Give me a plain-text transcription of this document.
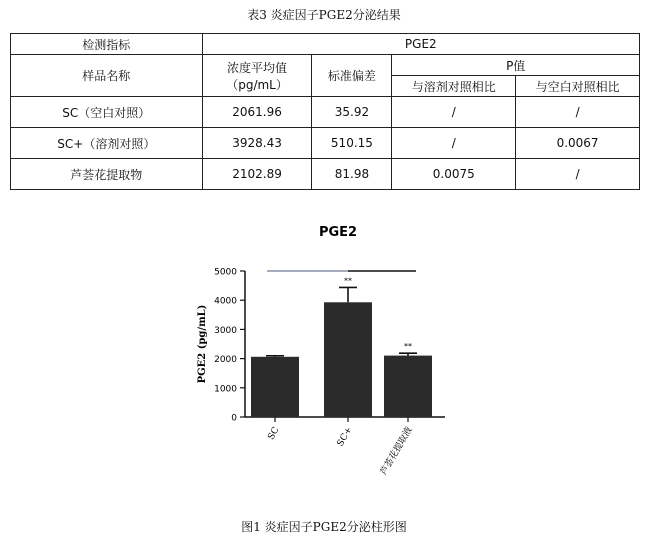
表3 炎症因子PGE2分泌结果
检测指标	PGE2			
样品名称	浓度平均值（pg/mL）	标准偏差	P值	
			与溶剂对照相比	与空白对照相比
SC（空白对照）	2061.96	35.92	/	/
SC+（溶剂对照）	3928.43	510.15	/	0.0067
芦荟花提取物	2102.89	81.98	0.0075	/
PGE2
0
1000
2000
3000
4000
5000
PGE2 (pg/mL)
SC
**
SC+
**
芦荟花提取液
图1 炎症因子PGE2分泌柱形图
